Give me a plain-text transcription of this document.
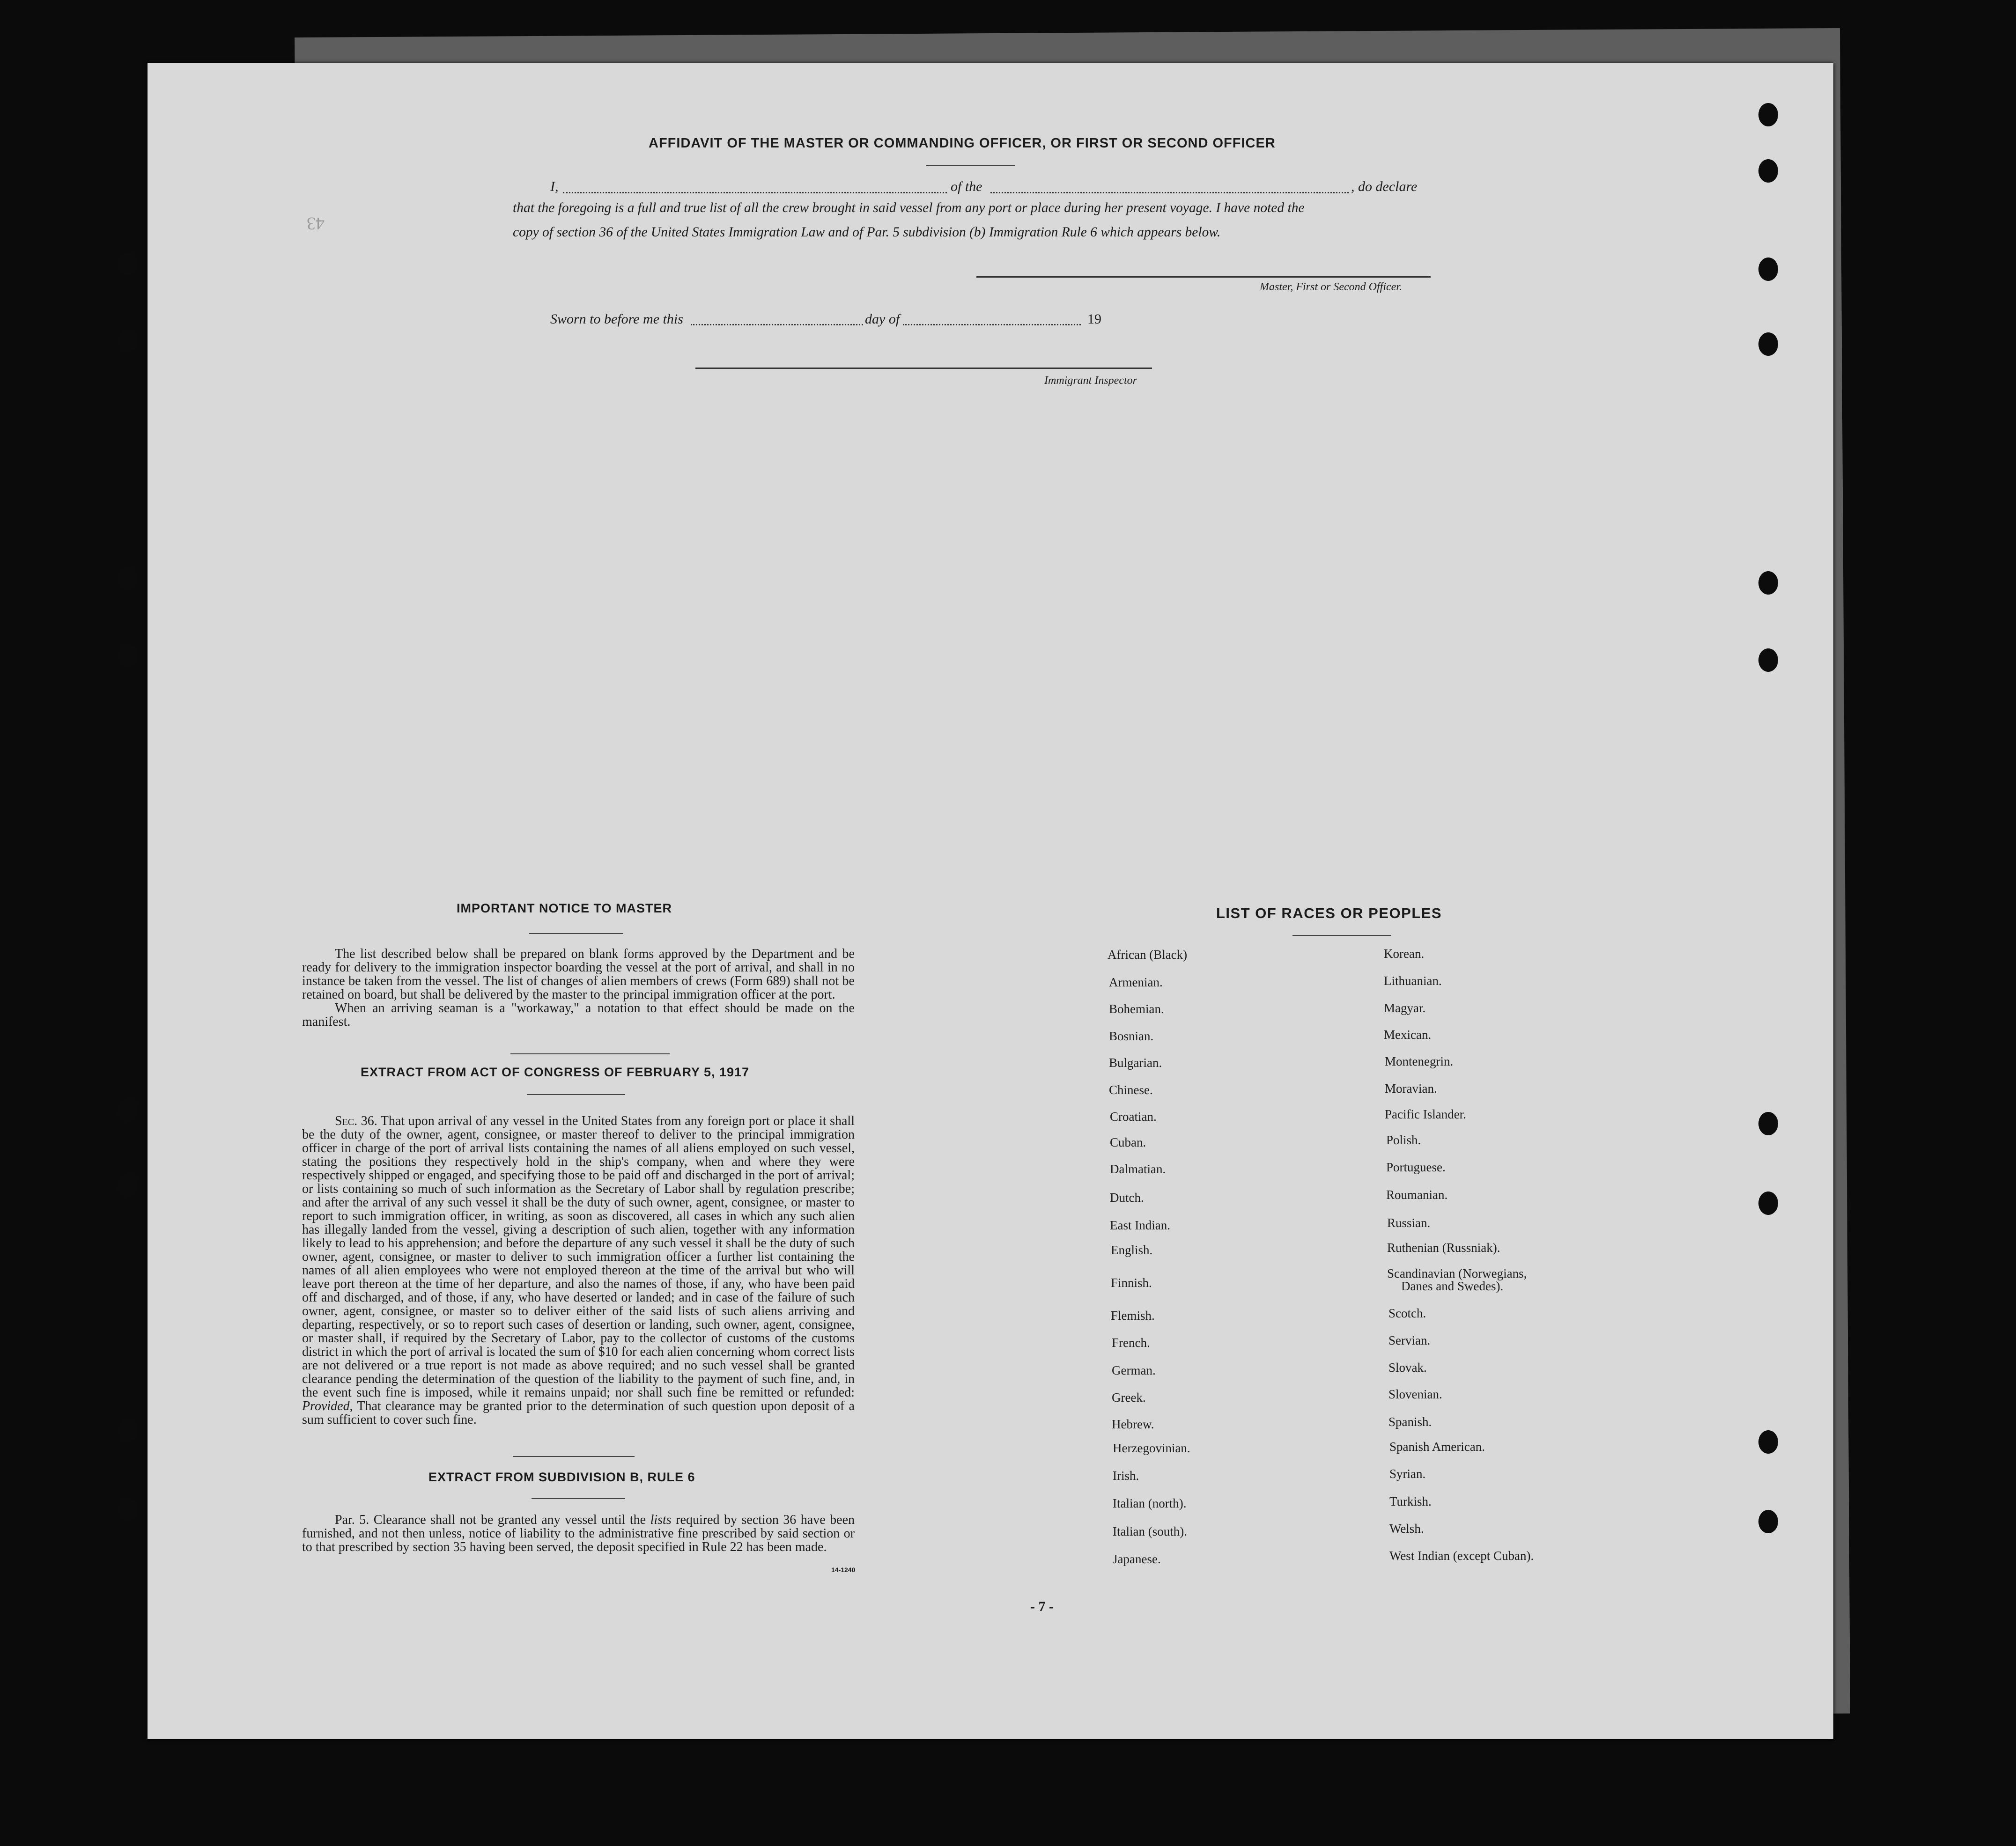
43
AFFIDAVIT OF THE MASTER OR COMMANDING OFFICER, OR FIRST OR SECOND OFFICER
I,	of the	, do declare
that the foregoing is a full and true list of all the crew brought in said vessel from any port or place during her present voyage. I have noted the
copy of section 36 of the United States Immigration Law and of Par. 5 subdivision (b) Immigration Rule 6 which appears below.
Master, First or Second Officer.
Sworn to before me this	day of	19
Immigrant Inspector
IMPORTANT NOTICE TO MASTER

The list described below shall be prepared on blank forms approved by the Department and be ready for delivery to the immigration inspector boarding the vessel at the port of arrival, and shall in no instance be taken from the vessel. The list of changes of alien members of crews (Form 689) shall not be retained on board, but shall be delivered by the master to the principal immigration officer at the port.

When an arriving seaman is a "workaway," a notation to that effect should be made on the manifest.

EXTRACT FROM ACT OF CONGRESS OF FEBRUARY 5, 1917

Sec. 36. That upon arrival of any vessel in the United States from any foreign port or place it shall be the duty of the owner, agent, consignee, or master thereof to deliver to the principal immigration officer in charge of the port of arrival lists containing the names of all aliens employed on such vessel, stating the positions they respectively hold in the ship's company, when and where they were respectively shipped or engaged, and specifying those to be paid off and discharged in the port of arrival; or lists containing so much of such information as the Secretary of Labor shall by regulation prescribe; and after the arrival of any such vessel it shall be the duty of such owner, agent, consignee, or master to report to such immigration officer, in writing, as soon as discovered, all cases in which any such alien has illegally landed from the vessel, giving a description of such alien, together with any information likely to lead to his apprehension; and before the departure of any such vessel it shall be the duty of such owner, agent, consignee, or master to deliver to such immigration officer a further list containing the names of all alien employees who were not employed thereon at the time of the arrival but who will leave port thereon at the time of her departure, and also the names of those, if any, who have been paid off and discharged, and of those, if any, who have deserted or landed; and in case of the failure of such owner, agent, consignee, or master so to deliver either of the said lists of such aliens arriving and departing, respectively, or so to report such cases of desertion or landing, such owner, agent, consignee, or master shall, if required by the Secretary of Labor, pay to the collector of customs of the customs district in which the port of arrival is located the sum of $10 for each alien concerning whom correct lists are not delivered or a true report is not made as above required; and no such vessel shall be granted clearance pending the determination of the question of the liability to the payment of such fine, and, in the event such fine is imposed, while it remains unpaid; nor shall such fine be remitted or refunded: Provided, That clearance may be granted prior to the determination of such question upon deposit of a sum sufficient to cover such fine.

EXTRACT FROM SUBDIVISION B, RULE 6

Par. 5. Clearance shall not be granted any vessel until the lists required by section 36 have been furnished, and not then unless, notice of liability to the administrative fine prescribed by said section or to that prescribed by section 35 having been served, the deposit specified in Rule 22 has been made.

14-1240
LIST OF RACES OR PEOPLES
African (Black)
Armenian.
Bohemian.
Bosnian.
Bulgarian.
Chinese.
Croatian.
Cuban.
Dalmatian.
Dutch.
East Indian.
English.
Finnish.
Flemish.
French.
German.
Greek.
Hebrew.
Herzegovinian.
Irish.
Italian (north).
Italian (south).
Japanese.
Korean.
Lithuanian.
Magyar.
Mexican.
Montenegrin.
Moravian.
Pacific Islander.
Polish.
Portuguese.
Roumanian.
Russian.
Ruthenian (Russniak).
Scandinavian (Norwegians,
Danes and Swedes).
Scotch.
Servian.
Slovak.
Slovenian.
Spanish.
Spanish American.
Syrian.
Turkish.
Welsh.
West Indian (except Cuban).
- 7 -
